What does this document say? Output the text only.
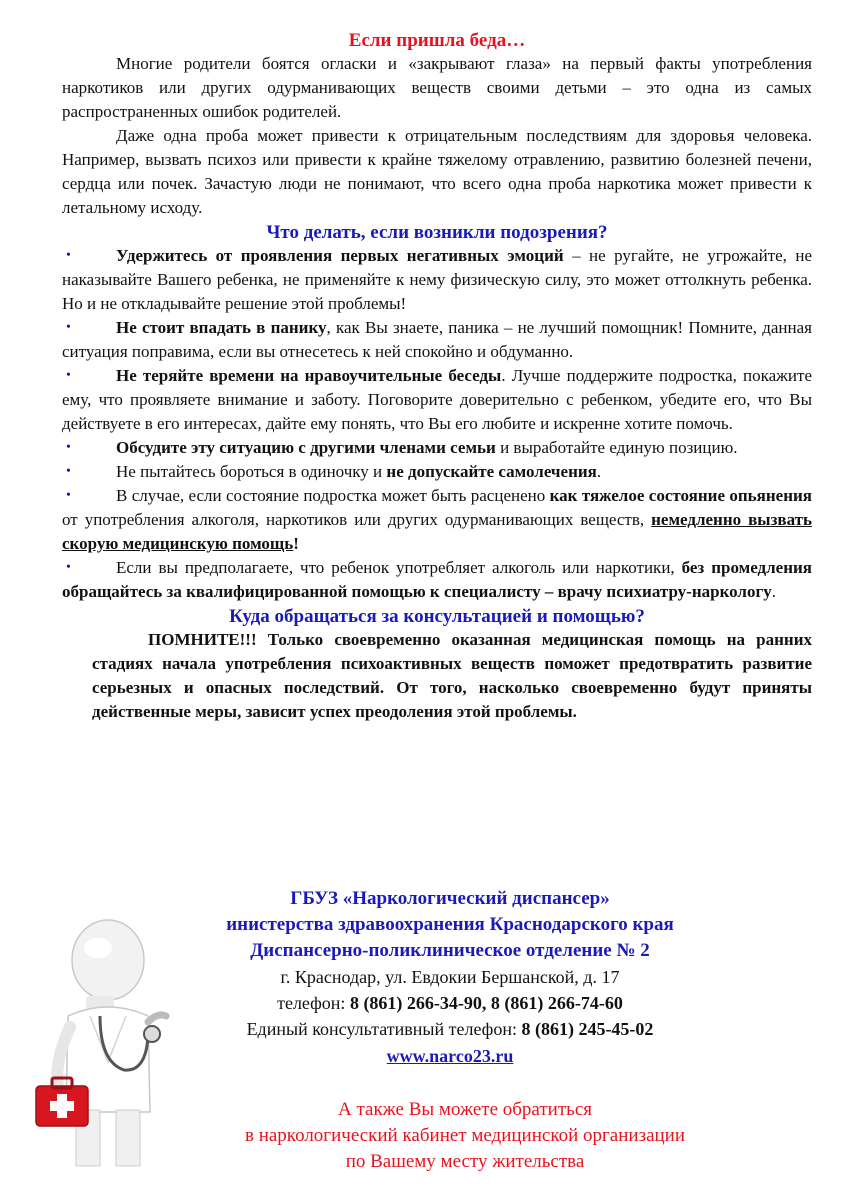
Если пришла беда…

Многие родители боятся огласки и «закрывают глаза» на первый факты употребления наркотиков или других одурманивающих веществ своими детьми – это одна из самых распространенных ошибок родителей.

Даже одна проба может привести к отрицательным последствиям для здоровья человека. Например, вызвать психоз или привести к крайне тяжелому отравлению, развитию болезней печени, сердца или почек. Зачастую люди не понимают, что всего одна проба наркотика может привести к летальному исходу.

Что делать, если возникли подозрения?
•	Удержитесь от проявления первых негативных эмоций – не ругайте, не угрожайте, не наказывайте Вашего ребенка, не применяйте к нему физическую силу, это может оттолкнуть ребенка. Но и не откладывайте решение этой проблемы!
•	Не стоит впадать в панику, как Вы знаете, паника – не лучший помощник! Помните, данная ситуация поправима, если вы отнесетесь к ней спокойно и обдуманно.
•	Не теряйте времени на нравоучительные беседы. Лучше поддержите подростка, покажите ему, что проявляете внимание и заботу. Поговорите доверительно с ребенком, убедите его, что Вы действуете в его интересах, дайте ему понять, что Вы его любите и искренне хотите помочь.
•	Обсудите эту ситуацию с другими членами семьи и выработайте единую позицию.
•	Не пытайтесь бороться в одиночку и не допускайте самолечения.
•	В случае, если состояние подростка может быть расценено как тяжелое состояние опьянения от употребления алкоголя, наркотиков или других одурманивающих веществ, немедленно вызвать скорую медицинскую помощь!
•	Если вы предполагаете, что ребенок употребляет алкоголь или наркотики, без промедления обращайтесь за квалифицированной помощью к специалисту – врачу психиатру-наркологу.
Куда обращаться за консультацией и помощью?

ПОМНИТЕ!!! Только своевременно оказанная медицинская помощь на ранних стадиях начала употребления психоактивных веществ поможет предотвратить развитие серьезных и опасных последствий. От того, насколько своевременно будут приняты действенные меры, зависит успех преодоления этой проблемы.

ГБУЗ «Наркологический диспансер»
инистерства здравоохранения Краснодарского края
Диспансерно-поликлиническое отделение № 2
г. Краснодар, ул. Евдокии Бершанской, д. 17
телефон: 8 (861) 266-34-90, 8 (861) 266-74-60
Единый консультативный телефон: 8 (861) 245-45-02
www.narco23.ru
А также Вы можете обратиться
в наркологический кабинет медицинской организации
по Вашему месту жительства
